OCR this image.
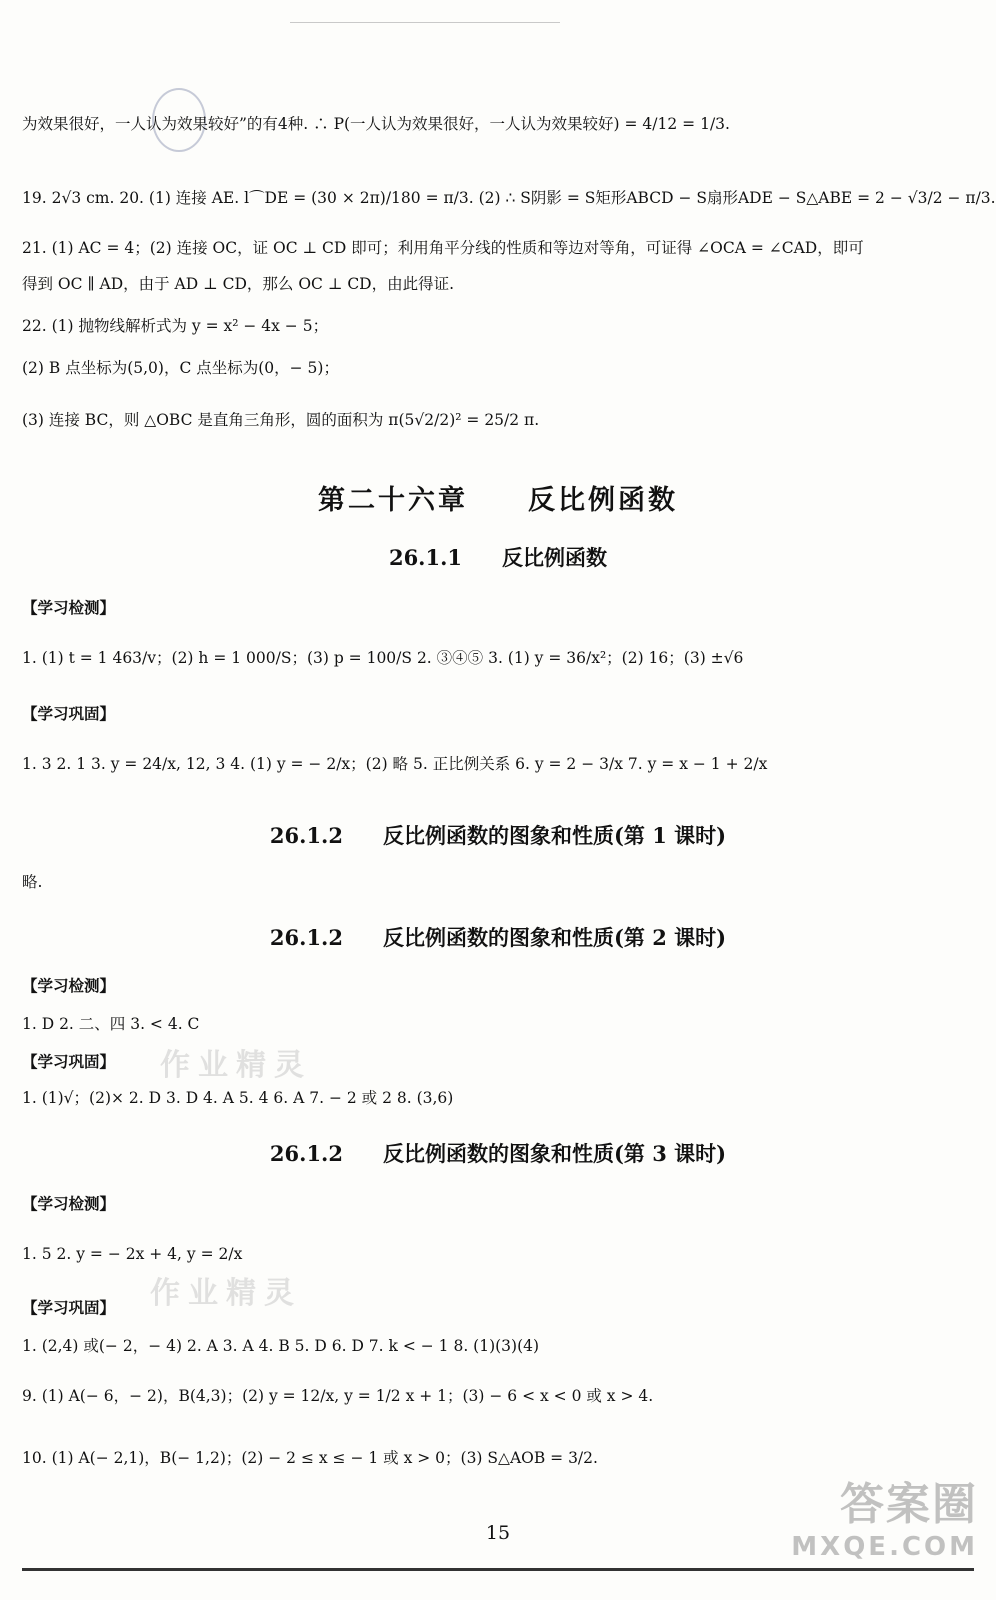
为效果很好，一人认为效果较好”的有4种. ∴ P(一人认为效果很好，一人认为效果较好) = 4/12 = 1/3.
19. 2√3 cm. 20. (1) 连接 AE. l⌒DE = (30 × 2π)/180 = π/3. (2) ∴ S阴影 = S矩形ABCD − S扇形ADE − S△ABE = 2 − √3/2 − π/3.
21. (1) AC = 4；(2) 连接 OC，证 OC ⊥ CD 即可；利用角平分线的性质和等边对等角，可证得 ∠OCA = ∠CAD，即可
得到 OC ∥ AD，由于 AD ⊥ CD，那么 OC ⊥ CD，由此得证.
22. (1) 抛物线解析式为 y = x² − 4x − 5；
(2) B 点坐标为(5,0)，C 点坐标为(0，− 5)；
(3) 连接 BC，则 △OBC 是直角三角形，圆的面积为 π(5√2/2)² = 25/2 π.
第二十六章 反比例函数
26.1.1 反比例函数
【学习检测】
1. (1) t = 1 463/v；(2) h = 1 000/S；(3) p = 100/S 2. ③④⑤ 3. (1) y = 36/x²；(2) 16；(3) ±√6
【学习巩固】
1. 3 2. 1 3. y = 24/x, 12, 3 4. (1) y = − 2/x；(2) 略 5. 正比例关系 6. y = 2 − 3/x 7. y = x − 1 + 2/x
26.1.2 反比例函数的图象和性质(第 1 课时)
略.
26.1.2 反比例函数的图象和性质(第 2 课时)
【学习检测】
1. D 2. 二、四 3. < 4. C
【学习巩固】
1. (1)√；(2)× 2. D 3. D 4. A 5. 4 6. A 7. − 2 或 2 8. (3,6)
作业精灵
26.1.2 反比例函数的图象和性质(第 3 课时)
【学习检测】
1. 5 2. y = − 2x + 4, y = 2/x
作业精灵
【学习巩固】
1. (2,4) 或(− 2，− 4) 2. A 3. A 4. B 5. D 6. D 7. k < − 1 8. (1)(3)(4)
9. (1) A(− 6，− 2)，B(4,3)；(2) y = 12/x, y = 1/2 x + 1；(3) − 6 < x < 0 或 x > 4.
10. (1) A(− 2,1)，B(− 1,2)；(2) − 2 ≤ x ≤ − 1 或 x > 0；(3) S△AOB = 3/2.
15
答案圈
MXQE.COM
